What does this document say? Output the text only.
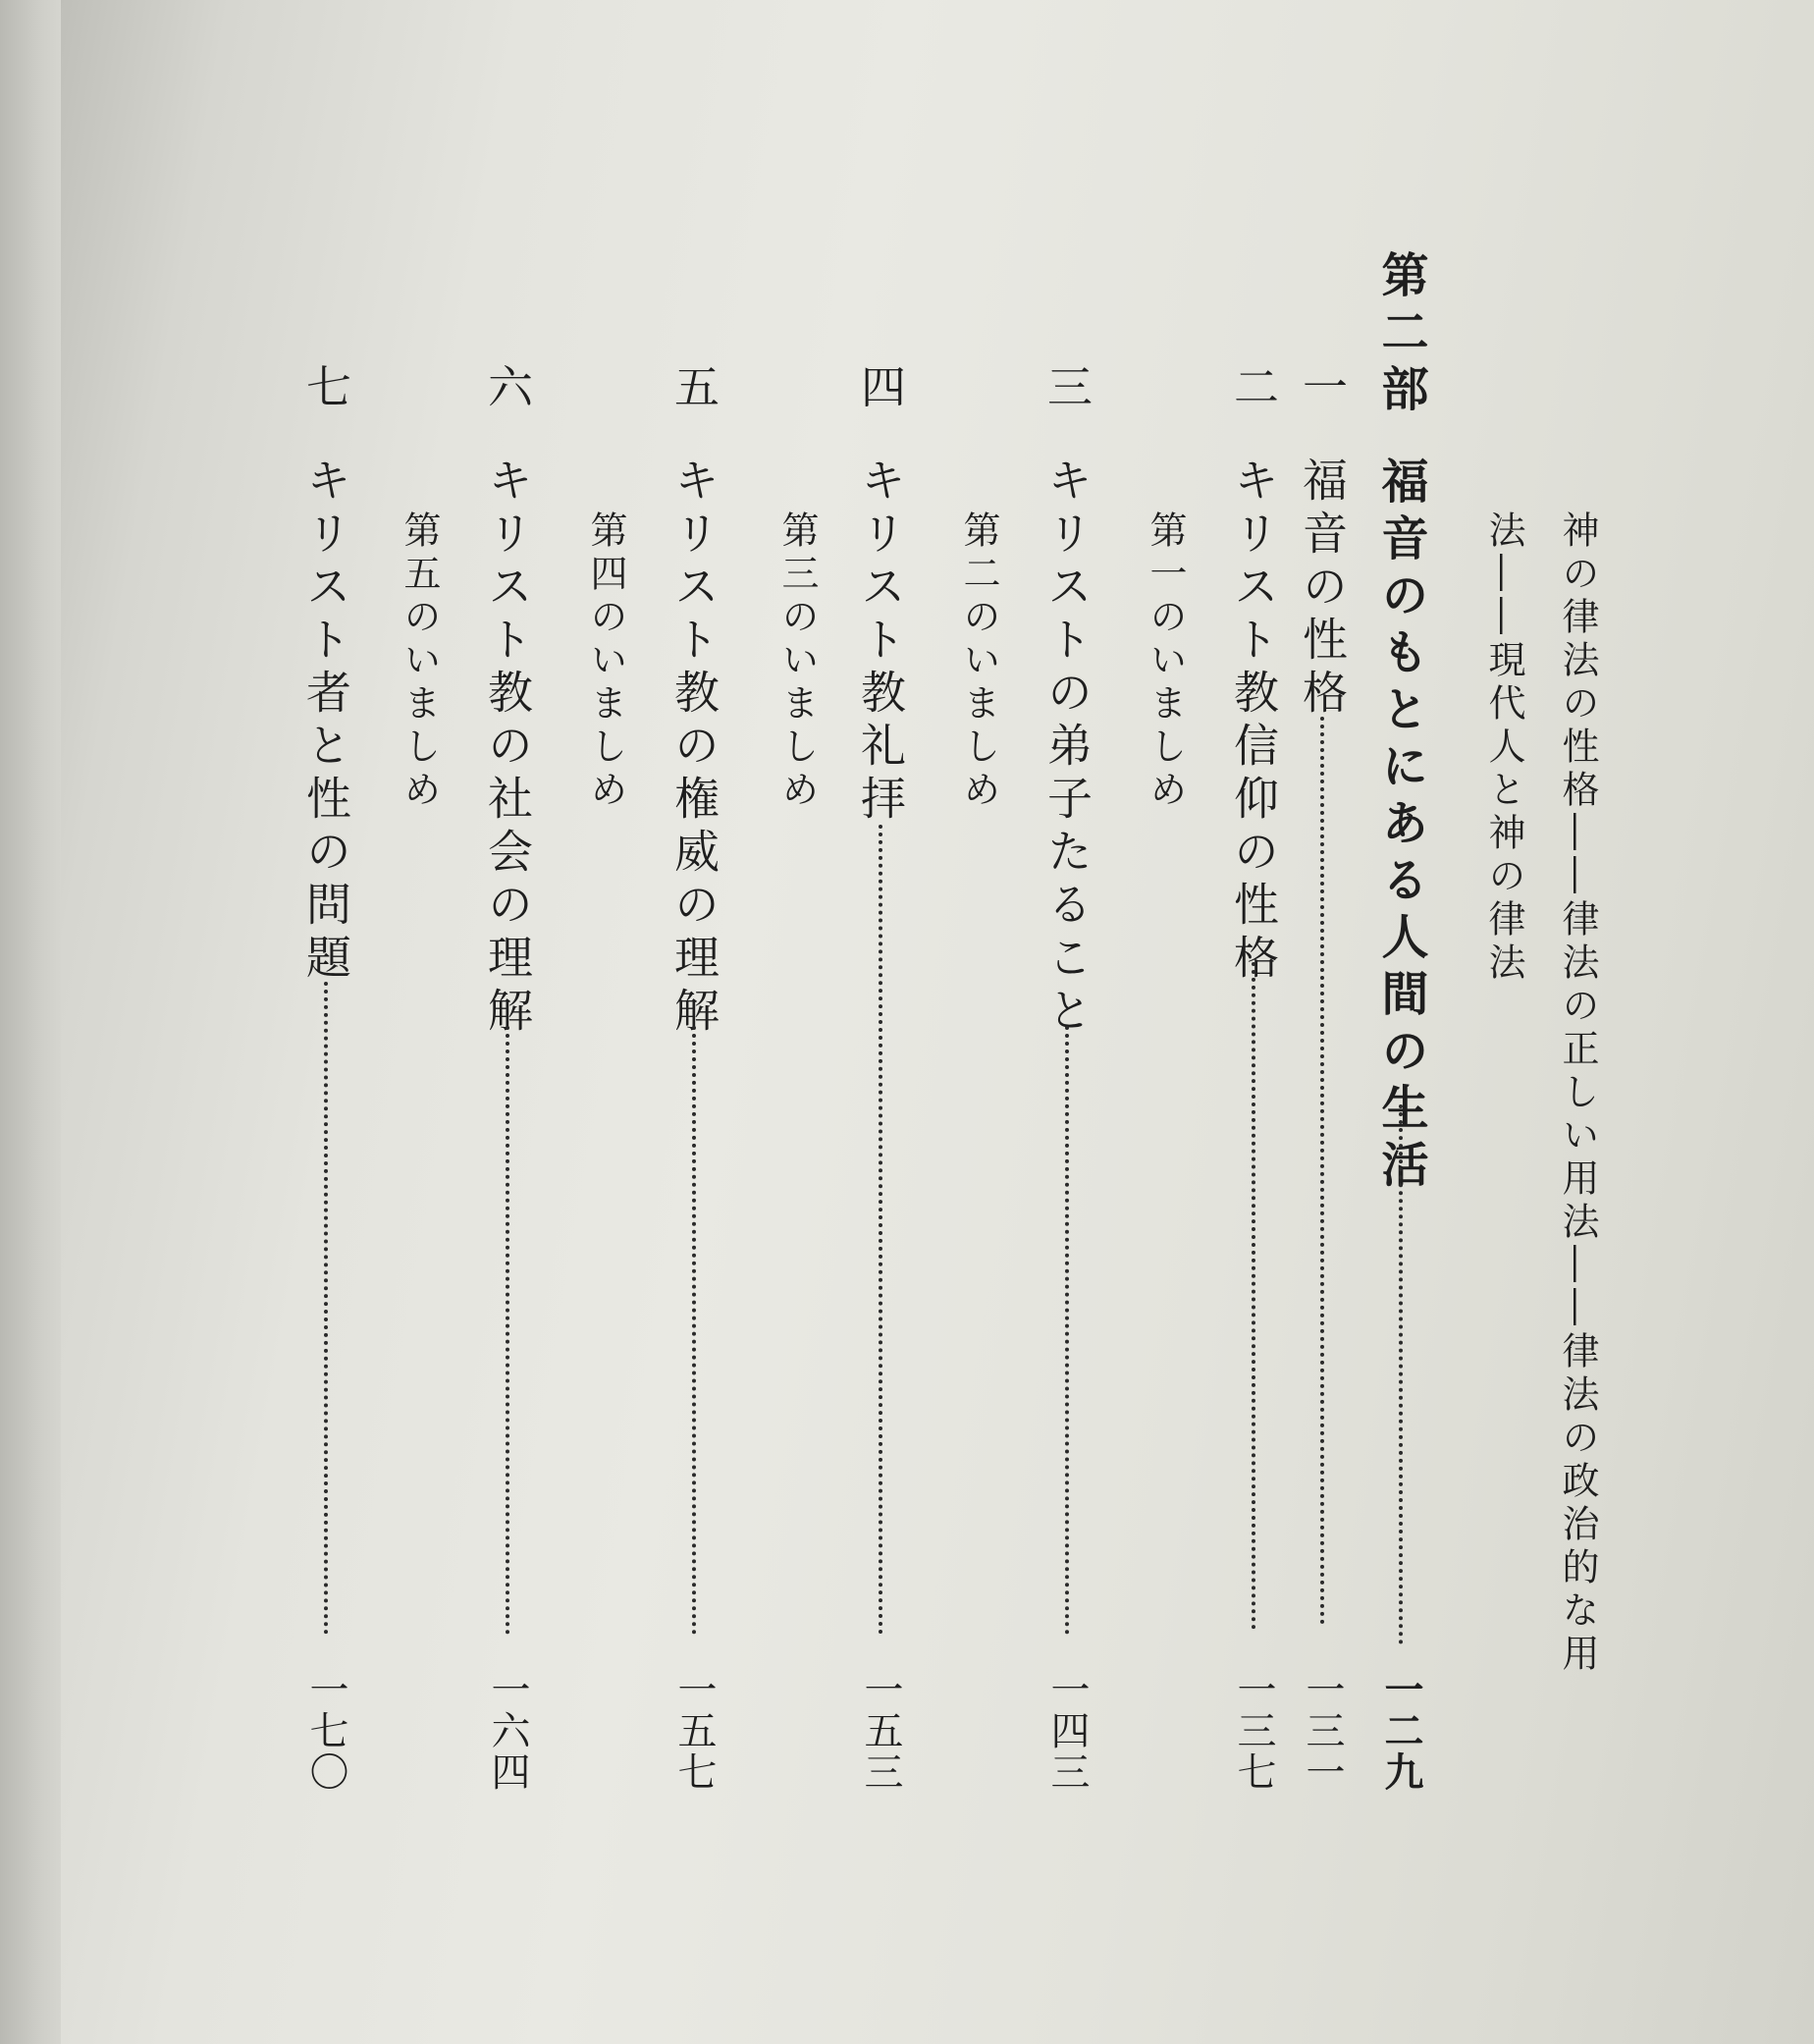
神の律法の性格――律法の正しい用法――律法の政治的な用
法――現代人と神の律法
第二部
福音のもとにある人間の生活
一二九
一
福音の性格
一三一
第一のいましめ
二
キリスト教信仰の性格
一三七
三
キリストの弟子たること
一四三
第二のいましめ
四
キリスト教礼拝
一五三
第三のいましめ
五
キリスト教の権威の理解
一五七
第四のいましめ
六
キリスト教の社会の理解
一六四
第五のいましめ
七
キリスト者と性の問題
一七〇
